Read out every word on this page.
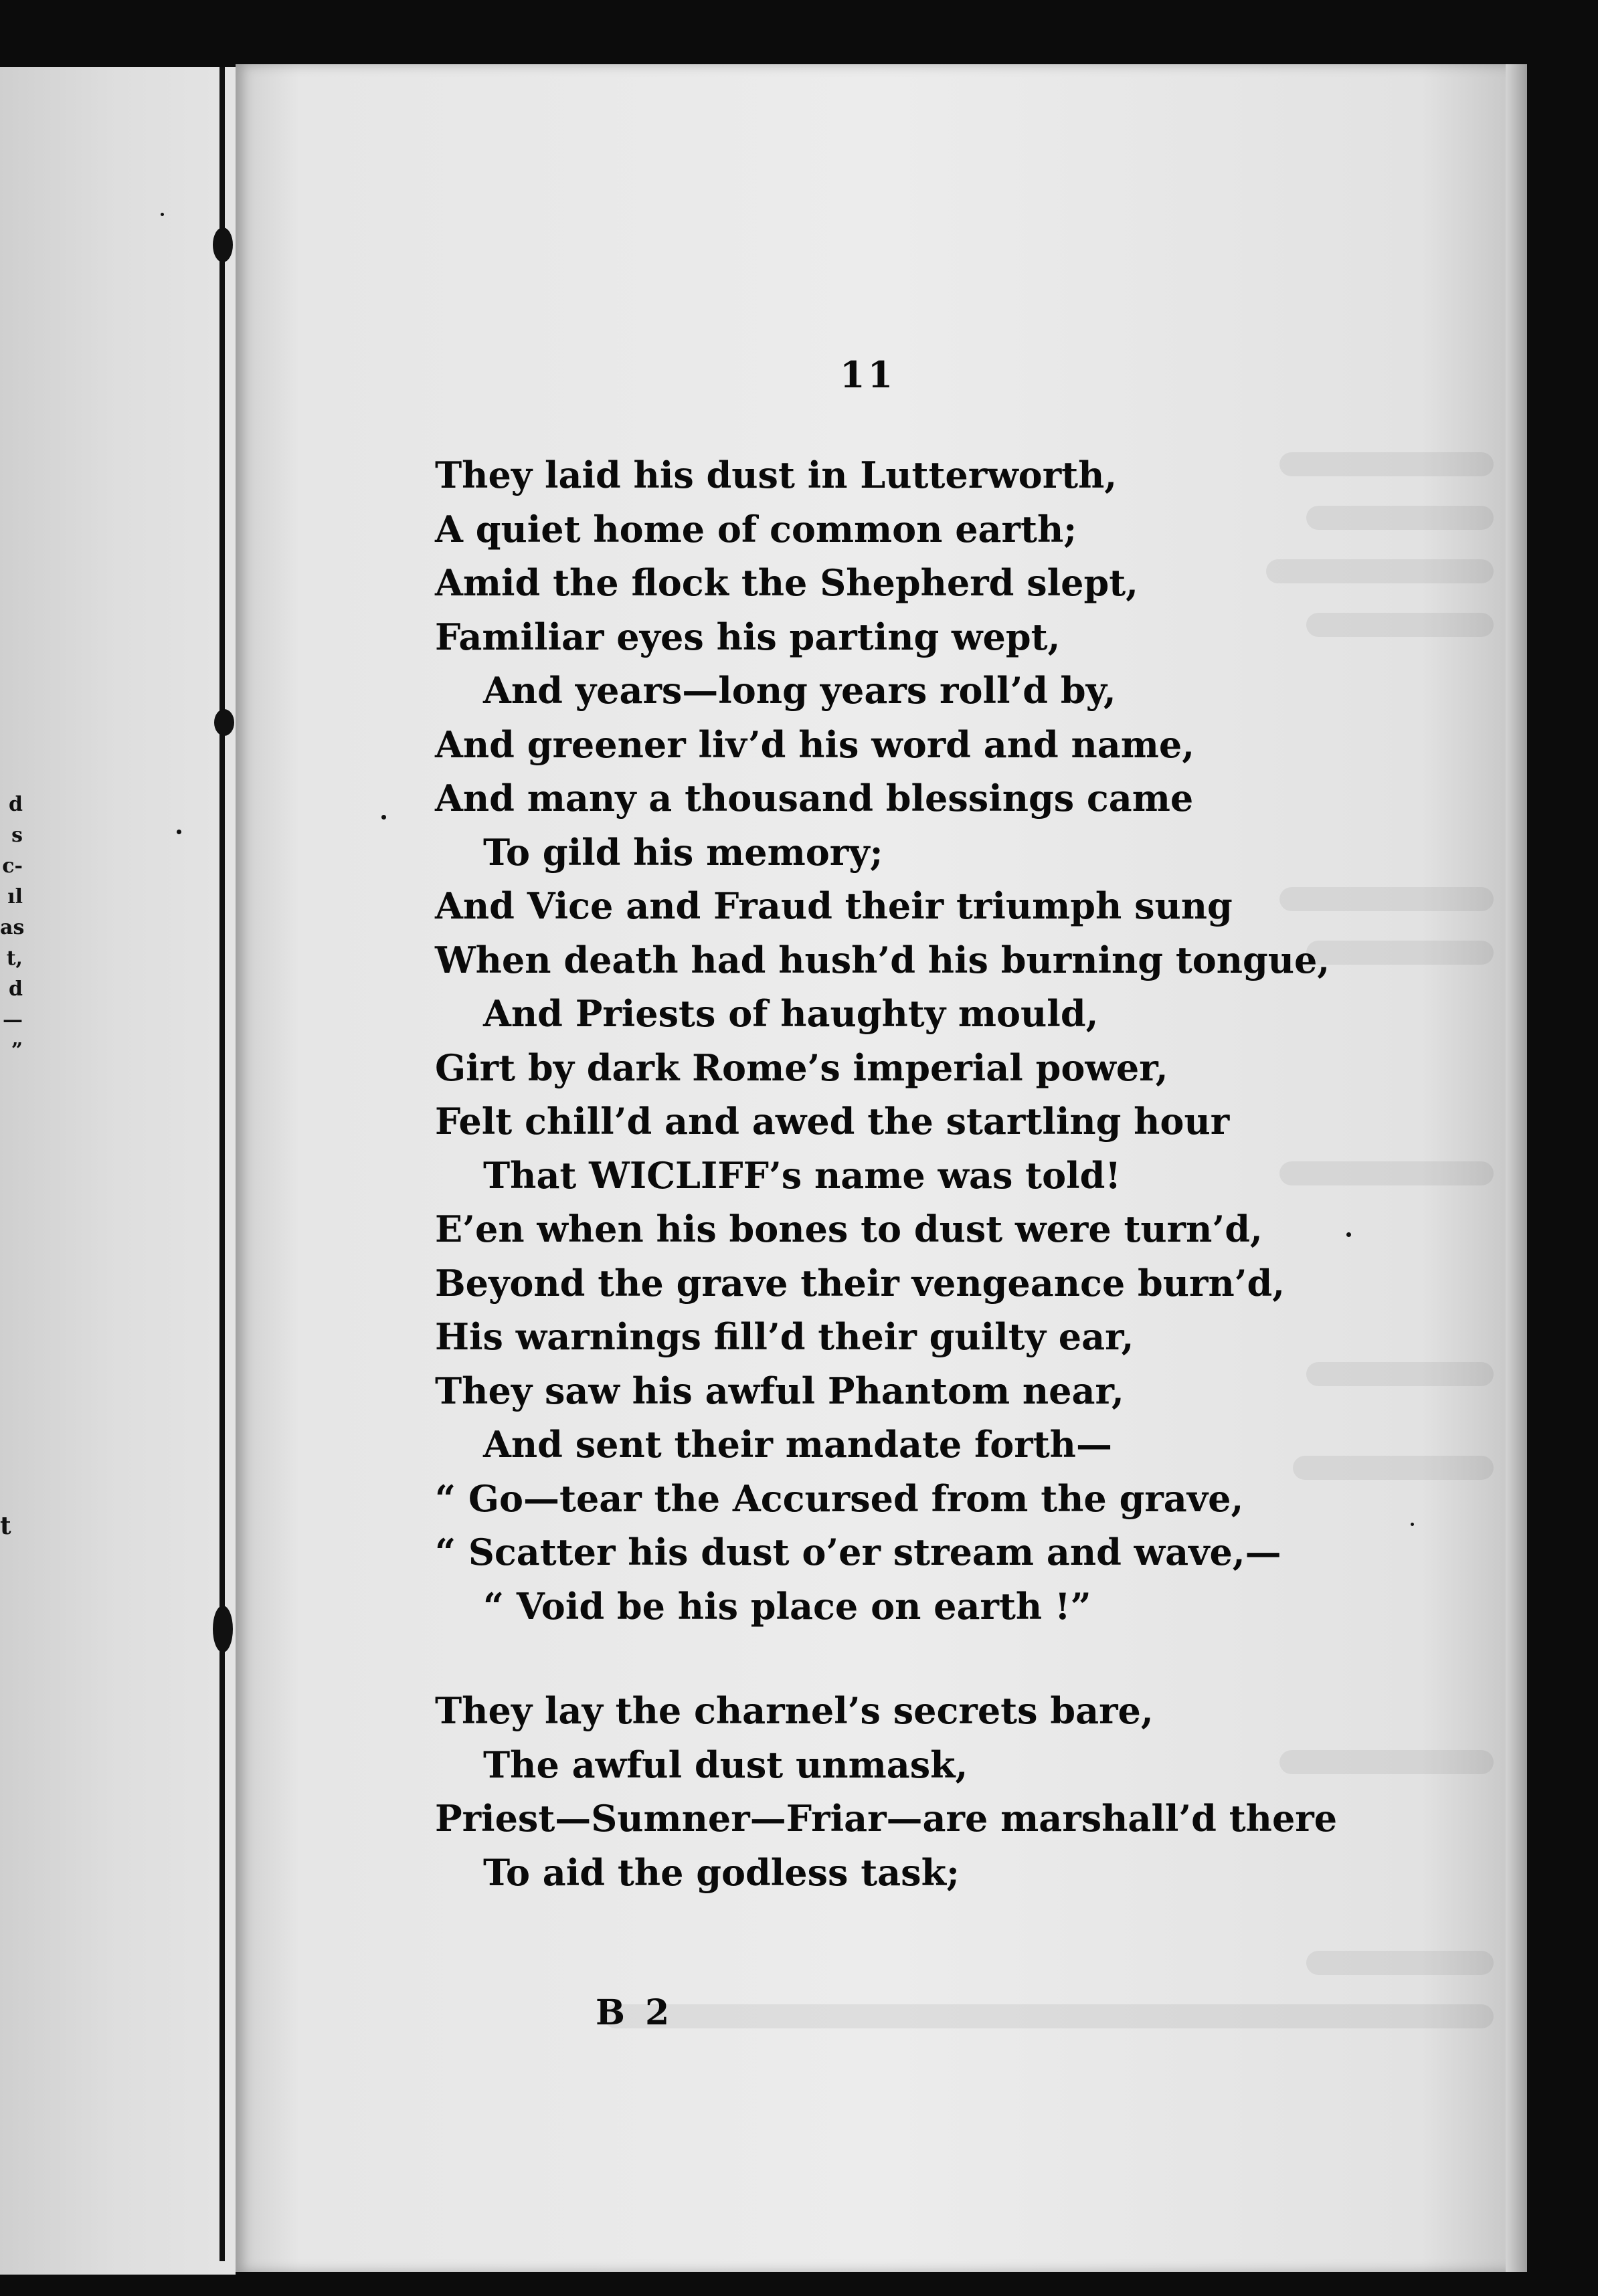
d
s
c-
ıl
as
t,
d
—
”
t
11
They laid his dust in Lutterworth,
A quiet home of common earth;
Amid the flock the Shepherd slept,
Familiar eyes his parting wept,
And years—long years roll’d by,
And greener liv’d his word and name,
And many a thousand blessings came
To gild his memory;
And Vice and Fraud their triumph sung
When death had hush’d his burning tongue,
And Priests of haughty mould,
Girt by dark Rome’s imperial power,
Felt chill’d and awed the startling hour
That WICLIFF’s name was told!
E’en when his bones to dust were turn’d,
Beyond the grave their vengeance burn’d,
His warnings fill’d their guilty ear,
They saw his awful Phantom near,
And sent their mandate forth—
“ Go—tear the Accursed from the grave,
“ Scatter his dust o’er stream and wave,—
“ Void be his place on earth !”
They lay the charnel’s secrets bare,
The awful dust unmask,
Priest—Sumner—Friar—are marshall’d there
To aid the godless task;
B 2
